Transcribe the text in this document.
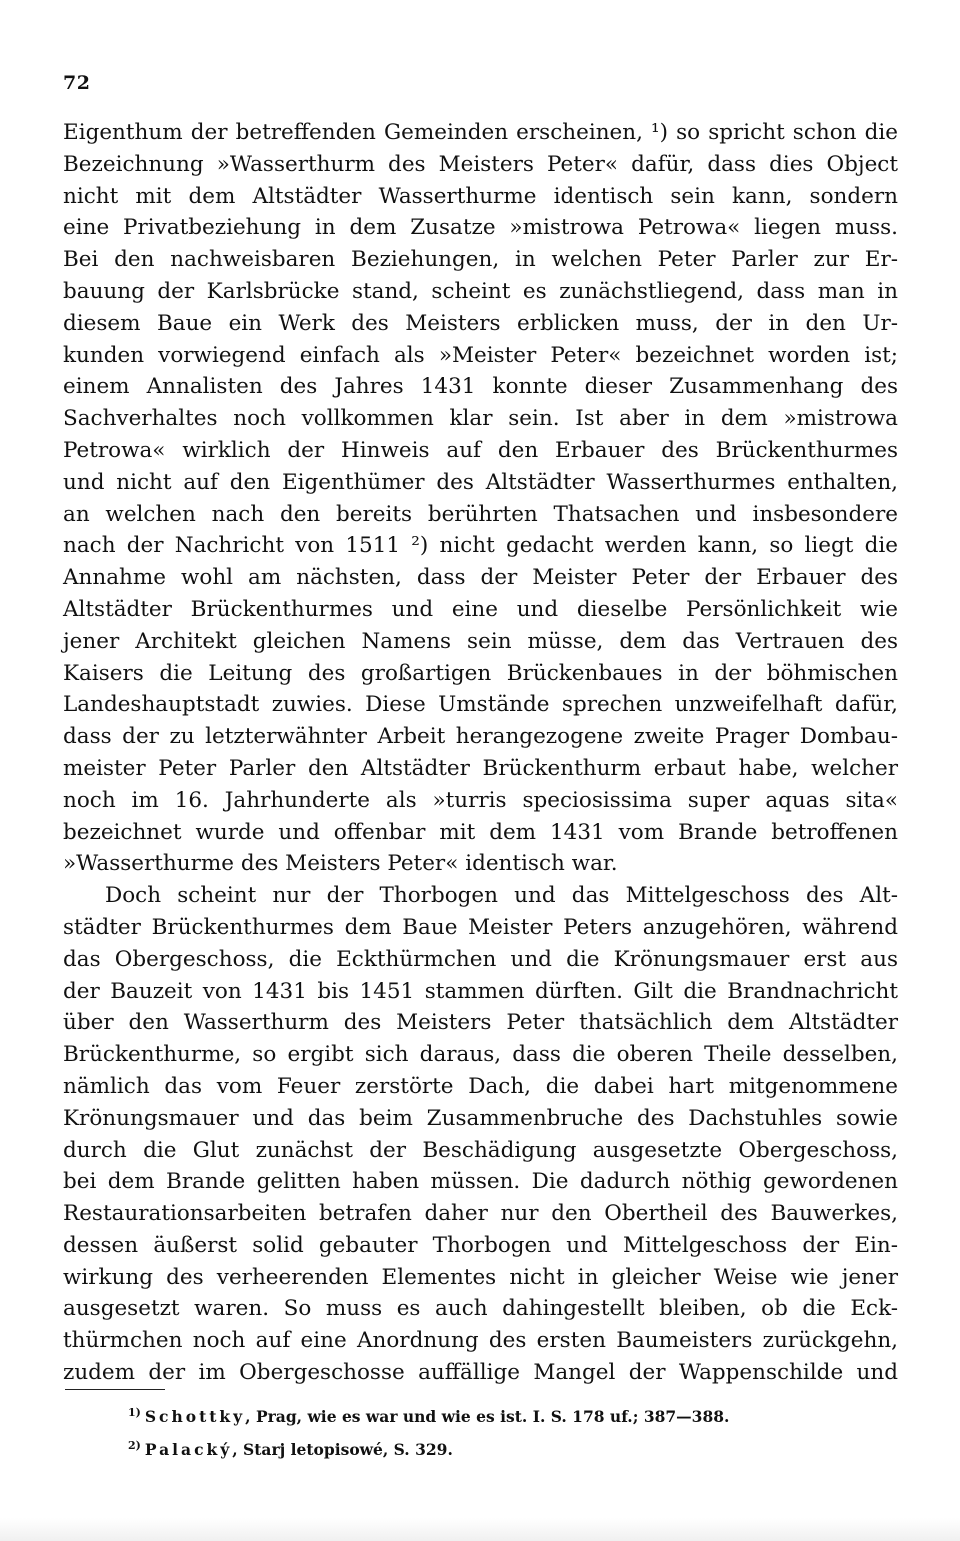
72
Eigenthum der betreffenden Gemeinden erscheinen, ¹) so spricht schon die
Bezeichnung »Wasserthurm des Meisters Peter« dafür, dass dies Object
nicht mit dem Altstädter Wasserthurme identisch sein kann, sondern
eine Privatbeziehung in dem Zusatze »mistrowa Petrowa« liegen muss.
Bei den nachweisbaren Beziehungen, in welchen Peter Parler zur Er-
bauung der Karlsbrücke stand, scheint es zunächstliegend, dass man in
diesem Baue ein Werk des Meisters erblicken muss, der in den Ur-
kunden vorwiegend einfach als »Meister Peter« bezeichnet worden ist;
einem Annalisten des Jahres 1431 konnte dieser Zusammenhang des
Sachverhaltes noch vollkommen klar sein. Ist aber in dem »mistrowa
Petrowa« wirklich der Hinweis auf den Erbauer des Brückenthurmes
und nicht auf den Eigenthümer des Altstädter Wasserthurmes enthalten,
an welchen nach den bereits berührten Thatsachen und insbesondere
nach der Nachricht von 1511 ²) nicht gedacht werden kann, so liegt die
Annahme wohl am nächsten, dass der Meister Peter der Erbauer des
Altstädter Brückenthurmes und eine und dieselbe Persönlichkeit wie
jener Architekt gleichen Namens sein müsse, dem das Vertrauen des
Kaisers die Leitung des großartigen Brückenbaues in der böhmischen
Landeshauptstadt zuwies. Diese Umstände sprechen unzweifelhaft dafür,
dass der zu letzterwähnter Arbeit herangezogene zweite Prager Dombau-
meister Peter Parler den Altstädter Brückenthurm erbaut habe, welcher
noch im 16. Jahrhunderte als »turris speciosissima super aquas sita«
bezeichnet wurde und offenbar mit dem 1431 vom Brande betroffenen
»Wasserthurme des Meisters Peter« identisch war.
Doch scheint nur der Thorbogen und das Mittelgeschoss des Alt-
städter Brückenthurmes dem Baue Meister Peters anzugehören, während
das Obergeschoss, die Eckthürmchen und die Krönungsmauer erst aus
der Bauzeit von 1431 bis 1451 stammen dürften. Gilt die Brandnachricht
über den Wasserthurm des Meisters Peter thatsächlich dem Altstädter
Brückenthurme, so ergibt sich daraus, dass die oberen Theile desselben,
nämlich das vom Feuer zerstörte Dach, die dabei hart mitgenommene
Krönungsmauer und das beim Zusammenbruche des Dachstuhles sowie
durch die Glut zunächst der Beschädigung ausgesetzte Obergeschoss,
bei dem Brande gelitten haben müssen. Die dadurch nöthig gewordenen
Restaurationsarbeiten betrafen daher nur den Obertheil des Bauwerkes,
dessen äußerst solid gebauter Thorbogen und Mittelgeschoss der Ein-
wirkung des verheerenden Elementes nicht in gleicher Weise wie jener
ausgesetzt waren. So muss es auch dahingestellt bleiben, ob die Eck-
thürmchen noch auf eine Anordnung des ersten Baumeisters zurückgehn,
zudem der im Obergeschosse auffällige Mangel der Wappenschilde und
$^{1)}$ Schottky, Prag, wie es war und wie es ist. I. S. 178 uf.; 387—388.
$^{2)}$ Palacký, Starj letopisowé, S. 329.
